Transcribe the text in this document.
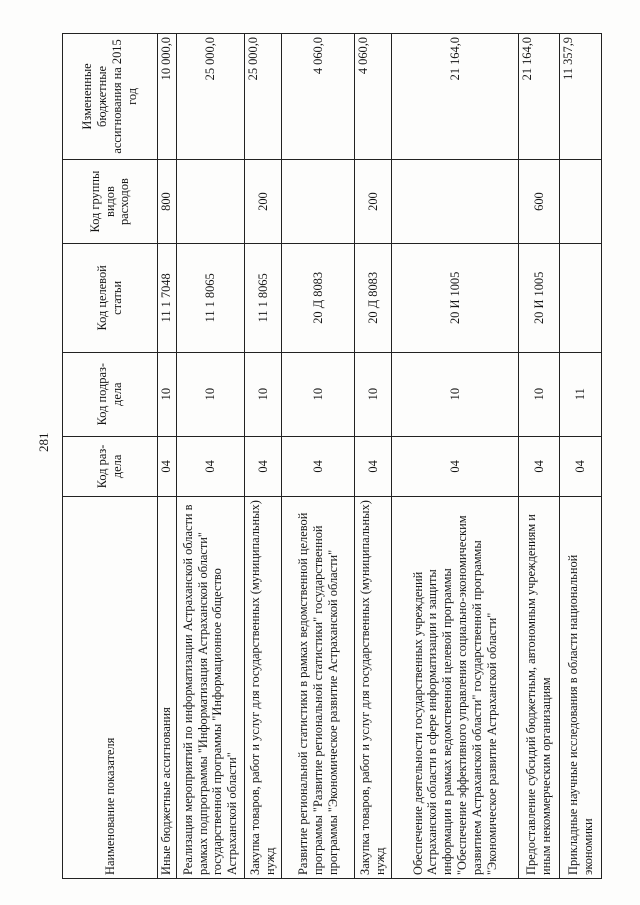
281
Наименование показателя	Код раз-дела	Код подраз-дела	Код целевой статьи	Код группы видов расходов	Измененные бюджетные ассигнования на 2015 год
Иные бюджетные ассигнования	04	10	11 1 7048	800	10 000,0
Реализация мероприятий по информатизации Астраханской области в рамках подпрограммы "Информатизация Астраханской области" государственной программы "Информационное общество Астраханской области"	04	10	11 1 8065		25 000,0
Закупка товаров, работ и услуг для государственных (муниципальных) нужд	04	10	11 1 8065	200	25 000,0
Развитие региональной статистики в рамках ведомственной целевой программы "Развитие региональной статистики" государственной программы "Экономическое развитие Астраханской области"	04	10	20 Д 8083		4 060,0
Закупка товаров, работ и услуг для государственных (муниципальных) нужд	04	10	20 Д 8083	200	4 060,0
Обеспечение деятельности государственных учреждений Астраханской области в сфере информатизации и защиты информации в рамках ведомственной целевой программы "Обеспечение эффективного управления социально-экономическим развитием Астраханской области" государственной программы "Экономическое развитие Астраханской области"	04	10	20 И 1005		21 164,0
Предоставление субсидий бюджетным, автономным учреждениям и иным некоммерческим организациям	04	10	20 И 1005	600	21 164,0
Прикладные научные исследования в области национальной экономики	04	11			11 357,9
